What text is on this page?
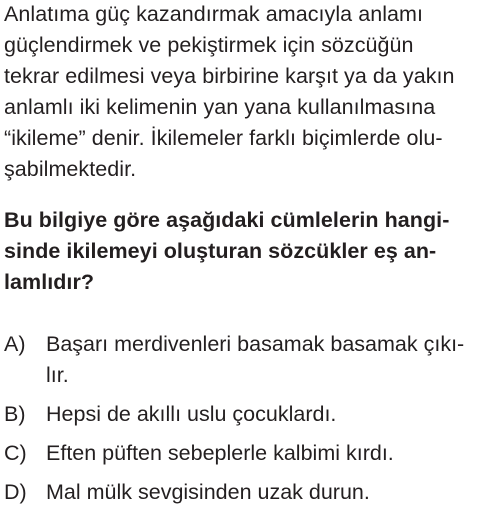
Anlatıma güç kazandırmak amacıyla anlamı
güçlendirmek ve pekiştirmek için sözcüğün
tekrar edilmesi veya birbirine karşıt ya da yakın
anlamlı iki kelimenin yan yana kullanılmasına
“ikileme” denir. İkilemeler farklı biçimlerde olu-
şabilmektedir.
Bu bilgiye göre aşağıdaki cümlelerin hangi-
sinde ikilemeyi oluşturan sözcükler eş an-
lamlıdır?
A) Başarı merdivenleri basamak basamak çıkı-
lır.
B) Hepsi de akıllı uslu çocuklardı.
C) Eften püften sebeplerle kalbimi kırdı.
D) Mal mülk sevgisinden uzak durun.
